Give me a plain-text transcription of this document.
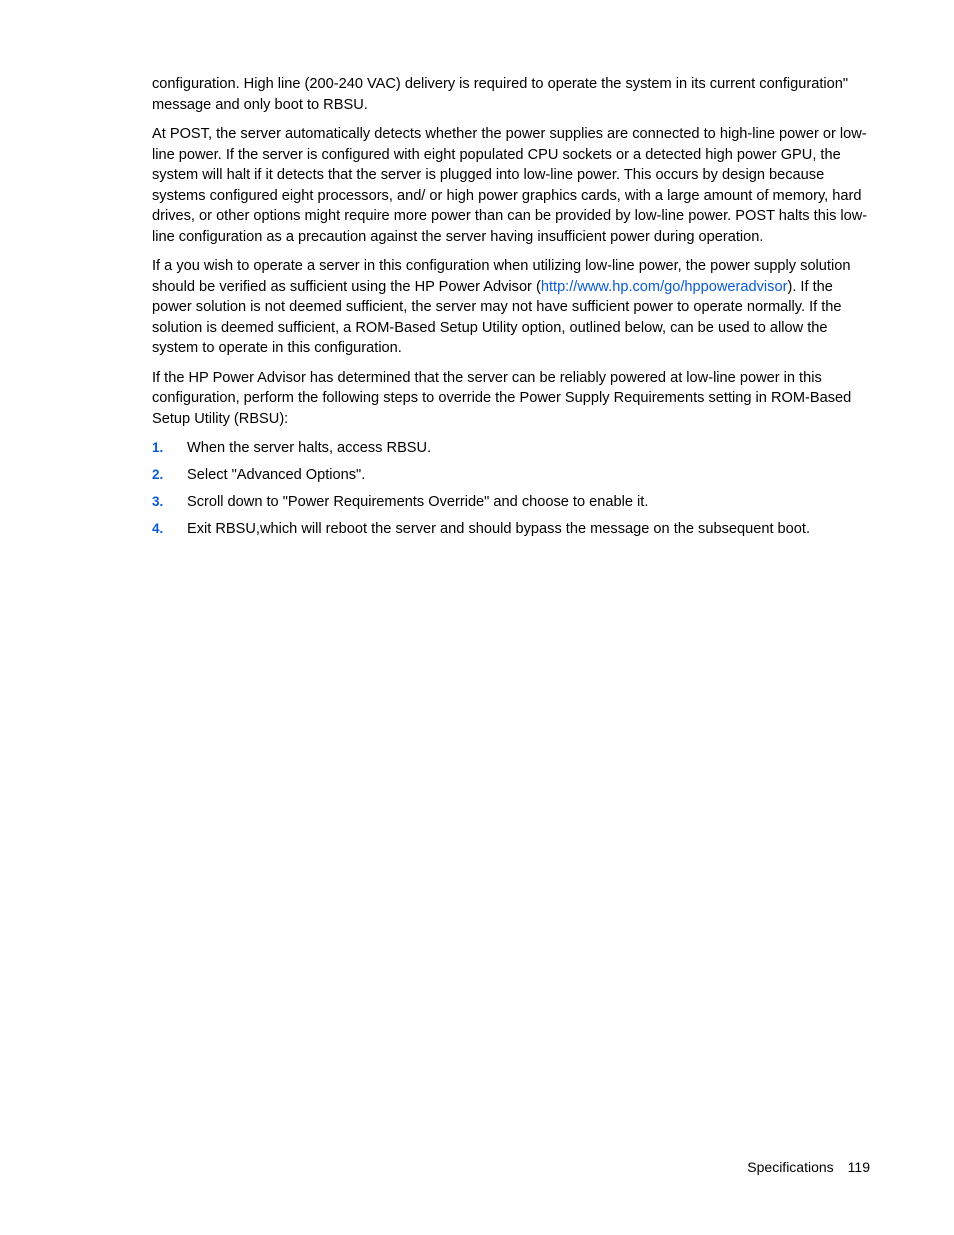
configuration. High line (200-240 VAC) delivery is required to operate the system in its current configuration" message and only boot to RBSU.

At POST, the server automatically detects whether the power supplies are connected to high-line power or low-line power. If the server is configured with eight populated CPU sockets or a detected high power GPU, the system will halt if it detects that the server is plugged into low-line power. This occurs by design because systems configured eight processors, and/ or high power graphics cards, with a large amount of memory, hard drives, or other options might require more power than can be provided by low-line power. POST halts this low-line configuration as a precaution against the server having insufficient power during operation.

If a you wish to operate a server in this configuration when utilizing low-line power, the power supply solution should be verified as sufficient using the HP Power Advisor (http://www.hp.com/go/hppoweradvisor). If the power solution is not deemed sufficient, the server may not have sufficient power to operate normally. If the solution is deemed sufficient, a ROM-Based Setup Utility option, outlined below, can be used to allow the system to operate in this configuration.

If the HP Power Advisor has determined that the server can be reliably powered at low-line power in this configuration, perform the following steps to override the Power Supply Requirements setting in ROM-Based Setup Utility (RBSU):

1. When the server halts, access RBSU.
2. Select "Advanced Options".
3. Scroll down to "Power Requirements Override" and choose to enable it.
4. Exit RBSU,which will reboot the server and should bypass the message on the subsequent boot.
Specifications 119
